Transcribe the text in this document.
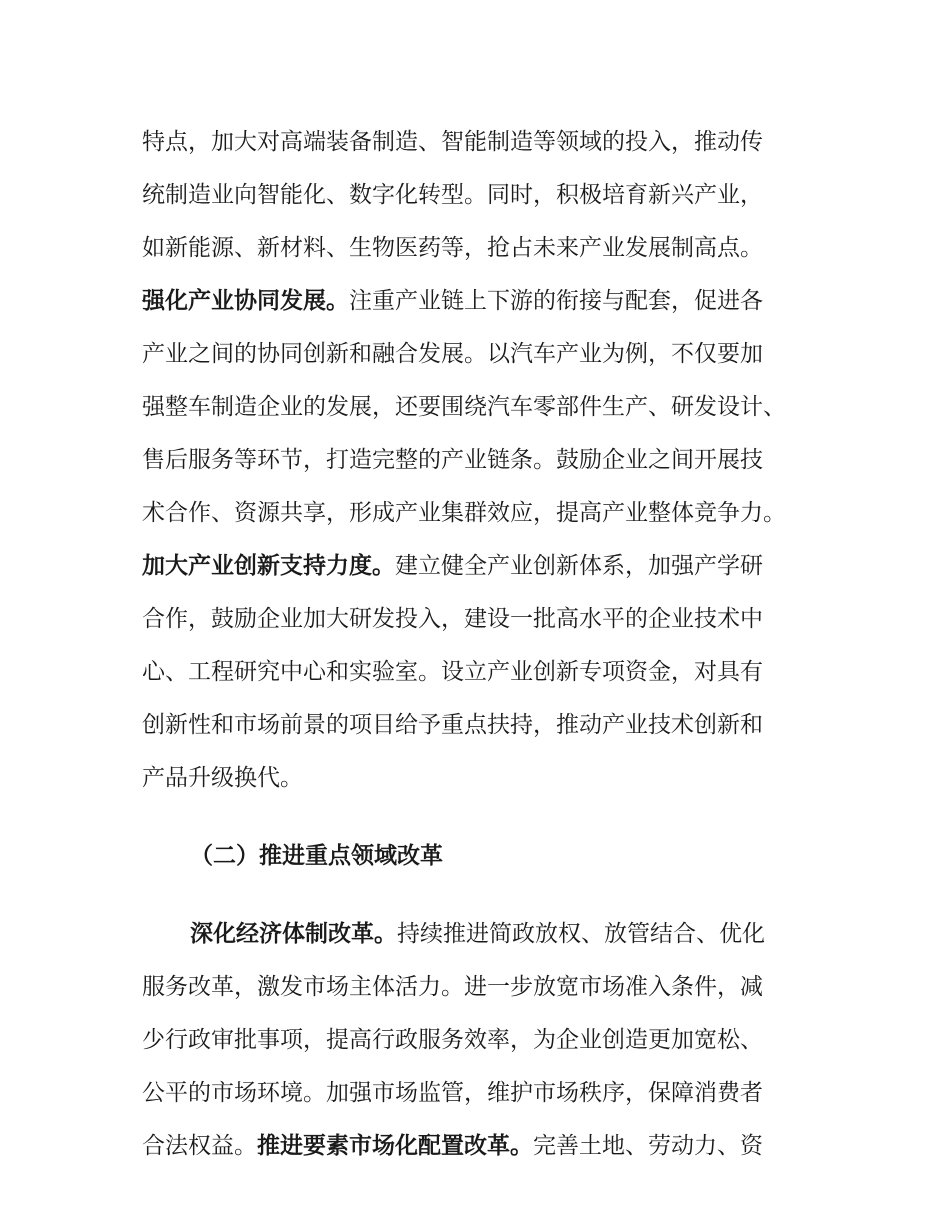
特点，加大对高端装备制造、智能制造等领域的投入，推动传
统制造业向智能化、数字化转型。同时，积极培育新兴产业，
如新能源、新材料、生物医药等，抢占未来产业发展制高点。
强化产业协同发展。注重产业链上下游的衔接与配套，促进各
产业之间的协同创新和融合发展。以汽车产业为例，不仅要加
强整车制造企业的发展，还要围绕汽车零部件生产、研发设计、
售后服务等环节，打造完整的产业链条。鼓励企业之间开展技
术合作、资源共享，形成产业集群效应，提高产业整体竞争力。
加大产业创新支持力度。建立健全产业创新体系，加强产学研
合作，鼓励企业加大研发投入，建设一批高水平的企业技术中
心、工程研究中心和实验室。设立产业创新专项资金，对具有
创新性和市场前景的项目给予重点扶持，推动产业技术创新和
产品升级换代。
（二）推进重点领域改革
深化经济体制改革。持续推进简政放权、放管结合、优化
服务改革，激发市场主体活力。进一步放宽市场准入条件，减
少行政审批事项，提高行政服务效率，为企业创造更加宽松、
公平的市场环境。加强市场监管，维护市场秩序，保障消费者
合法权益。推进要素市场化配置改革。完善土地、劳动力、资
